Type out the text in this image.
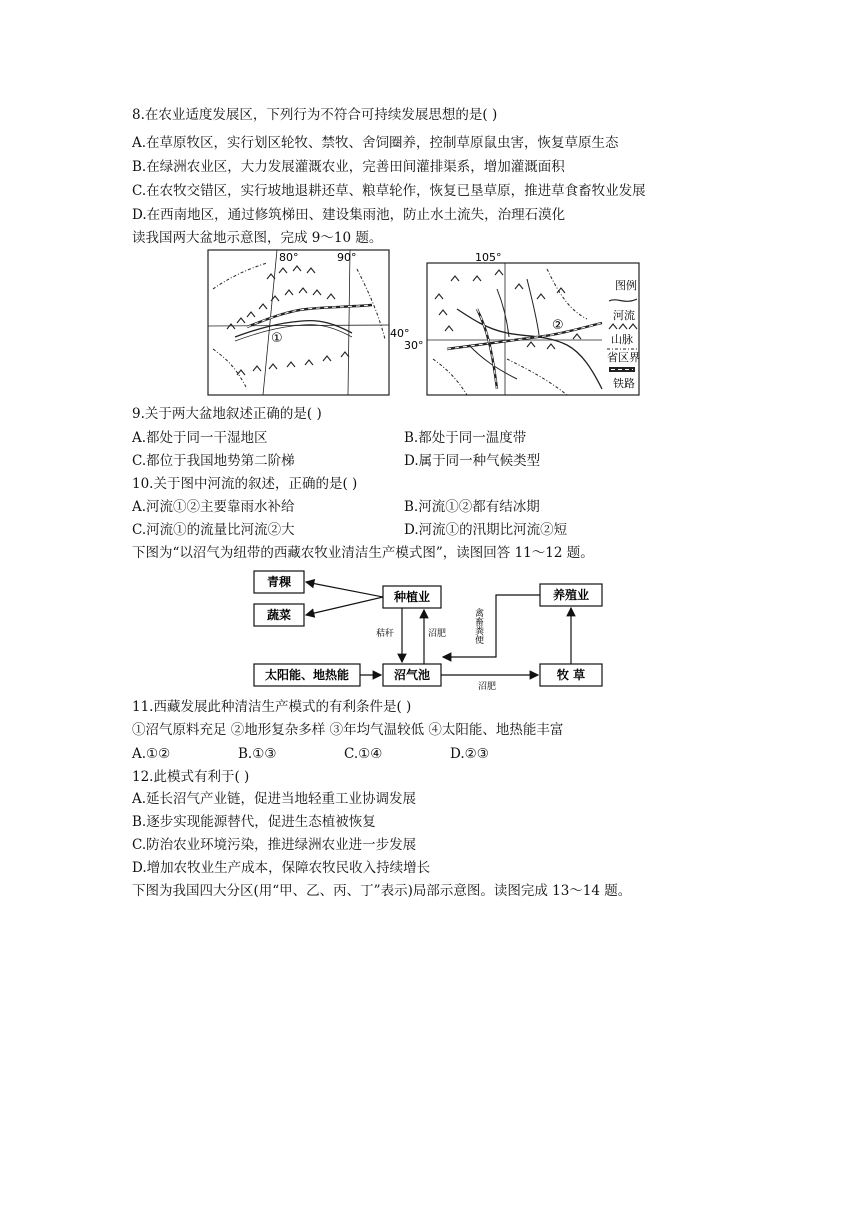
8.在农业适度发展区，下列行为不符合可持续发展思想的是( )
A.在草原牧区，实行划区轮牧、禁牧、舍饲圈养，控制草原鼠虫害，恢复草原生态
B.在绿洲农业区，大力发展灌溉农业，完善田间灌排渠系，增加灌溉面积
C.在农牧交错区，实行坡地退耕还草、粮草轮作，恢复已垦草原，推进草食畜牧业发展
D.在西南地区，通过修筑梯田、建设集雨池，防止水土流失，治理石漠化
读我国两大盆地示意图，完成 9～10 题。
80°	90°
①	40°
30°
105°
②
图例
河流
山脉
省区界
铁路
9.关于两大盆地叙述正确的是( )
A.都处于同一干湿地区	B.都处于同一温度带
C.都位于我国地势第二阶梯	D.属于同一种气候类型
10.关于图中河流的叙述，正确的是( )
A.河流①②主要靠雨水补给	B.河流①②都有结冰期
C.河流①的流量比河流②大	D.河流①的汛期比河流②短
下图为“以沼气为纽带的西藏农牧业清洁生产模式图”，读图回答 11～12 题。
青稞
蔬菜
种植业	养殖业
太阳能、地热能	沼气池	牧 草
秸秆	沼肥	禽畜粪便
沼肥
11.西藏发展此种清洁生产模式的有利条件是( )
①沼气原料充足 ②地形复杂多样 ③年均气温较低 ④太阳能、地热能丰富
A.①②	B.①③	C.①④	D.②③
12.此模式有利于( )
A.延长沼气产业链，促进当地轻重工业协调发展
B.逐步实现能源替代，促进生态植被恢复
C.防治农业环境污染，推进绿洲农业进一步发展
D.增加农牧业生产成本，保障农牧民收入持续增长
下图为我国四大分区(用“甲、乙、丙、丁”表示)局部示意图。读图完成 13～14 题。
